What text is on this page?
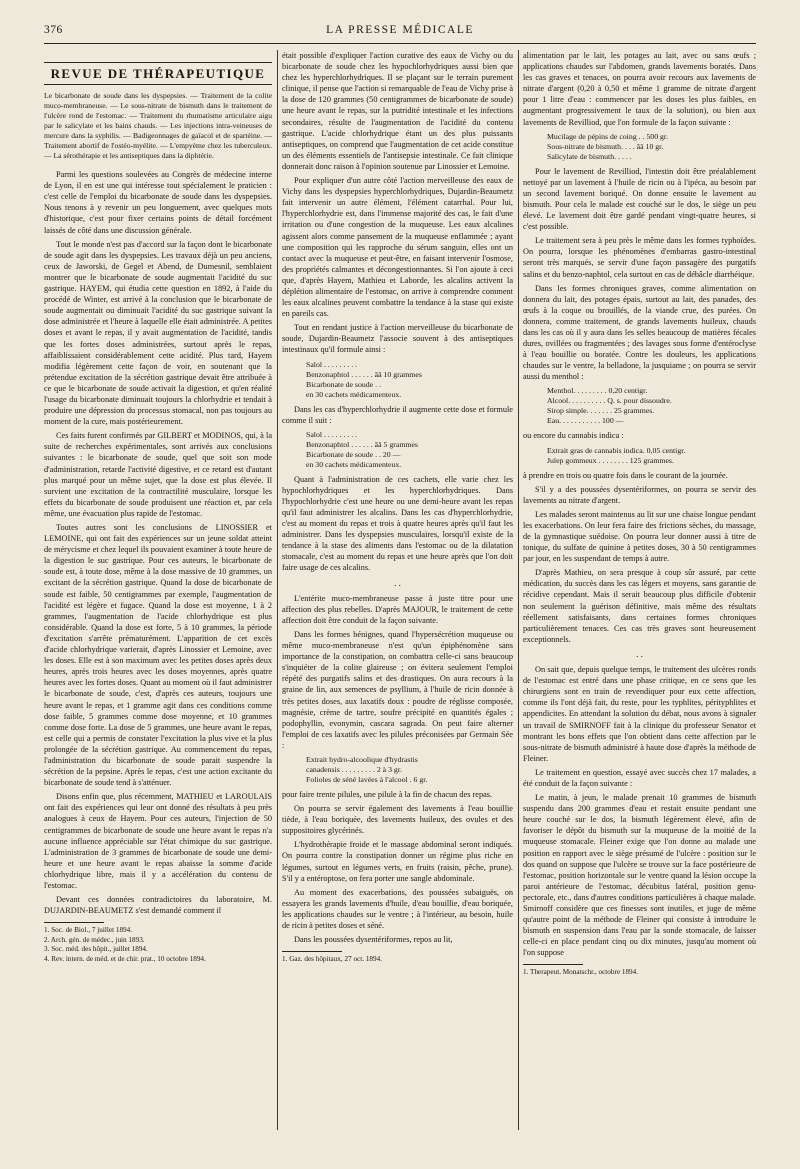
376	LA PRESSE MÉDICALE
REVUE DE THÉRAPEUTIQUE

Le bicarbonate de soude dans les dyspepsies. — Traitement de la colite muco-membraneuse. — Le sous-nitrate de bismuth dans le traitement de l'ulcère rond de l'estomac. — Traitement du rhumatisme articulaire aigu par le salicylate et les bains chauds. — Les injections intra-veineuses de mercure dans la syphilis. — Badigeonnages de gaïacol et de spartéine. — Traitement abortif de l'ostéo-myélite. — L'empyème chez les tuberculeux. — La sérothérapie et les antiseptiques dans la diphtérie.

Parmi les questions soulevées au Congrès de médecine interne de Lyon, il en est une qui intéresse tout spécialement le praticien : c'est celle de l'emploi du bicarbonate de soude dans les dyspepsies. Nous tenons à y revenir un peu longuement, avec quelques mots d'historique, c'est pour fixer certains points de détail forcément laissés de côté dans une discussion générale.

Tout le monde n'est pas d'accord sur la façon dont le bicarbonate de soude agit dans les dyspepsies. Les travaux déjà un peu anciens, ceux de Jaworski, de Gegel et Abend, de Dumesnil, semblaient montrer que le bicarbonate de soude augmentait l'acidité du suc gastrique. HAYEM, qui étudia cette question en 1892, à l'aide du procédé de Winter, est arrivé à la conclusion que le bicarbonate de soude augmentait ou diminuait l'acidité du suc gastrique suivant la dose administrée et l'heure à laquelle elle était administrée. A petites doses et avant le repas, il y avait augmentation de l'acidité, tandis que les fortes doses administrées, surtout après le repas, affaiblissaient considérablement cette acidité. Plus tard, Hayem modifia légèrement cette façon de voir, en soutenant que la prétendue excitation de la sécrétion gastrique devait être attribuée à ce que le bicarbonate de soude activait la digestion, et qu'en réalité l'usage du bicarbonate diminuait toujours la chlorhydrie et tendait à produire une dépression du processus stomacal, non pas toujours au moment de la cure, mais postérieurement.

Ces faits furent confirmés par GILBERT et MODINOS, qui, à la suite de recherches expérimentales, sont arrivés aux conclusions suivantes : le bicarbonate de soude, quel que soit son mode d'administration, retarde l'activité digestive, et ce retard est d'autant plus marqué pour un même sujet, que la dose est plus élevée. Il survient une excitation de la contractilité musculaire, lorsque les effets du bicarbonate de soude produisent une réaction et, par cela même, une évacuation plus rapide de l'estomac.

Toutes autres sont les conclusions de LINOSSIER et LEMOINE, qui ont fait des expériences sur un jeune soldat atteint de mérycisme et chez lequel ils pouvaient examiner à toute heure de la digestion le suc gastrique. Pour ces auteurs, le bicarbonate de soude est, à toute dose, même à la dose massive de 10 grammes, un excitant de la sécrétion gastrique. Quand la dose de bicarbonate de soude est faible, 50 centigrammes par exemple, l'augmentation de l'acidité est légère et fugace. Quand la dose est moyenne, 1 à 2 grammes, l'augmentation de l'acide chlorhydrique est plus considérable. Quand la dose est forte, 5 à 10 grammes, la période d'excitation s'arrête prématurément. L'apparition de cet excès d'acide chlorhydrique varierait, d'après Linossier et Lemoine, avec les doses. Elle est à son maximum avec les petites doses après deux heures, après trois heures avec les doses moyennes, après quatre heures avec les fortes doses. Quant au moment où il faut administrer le bicarbonate de soude, c'est, d'après ces auteurs, toujours une heure avant le repas, et 1 gramme agit dans ces conditions comme dose faible, 5 grammes comme dose moyenne, et 10 grammes comme dose forte. La dose de 5 grammes, une heure avant le repas, est celle qui a permis de constater l'excitation la plus vive et la plus prolongée de la sécrétion gastrique. Au commencement du repas, l'administration du bicarbonate de soude parait suspendre la sécrétion de la pepsine. Après le repas, c'est une action excitante du bicarbonate de soude tend à s'atténuer.

Disons enfin que, plus récemment, MATHIEU et LAROULAIS ont fait des expériences qui leur ont donné des résultats à peu près analogues à ceux de Hayem. Pour ces auteurs, l'injection de 50 centigrammes de bicarbonate de soude une heure avant le repas n'a aucune influence appréciable sur l'état chimique du suc gastrique. L'administration de 3 grammes de bicarbonate de soude une demi-heure et une heure avant le repas abaisse la somme d'acide chlorhydrique libre, mais il y a accélération du contenu de l'estomac.

Devant ces données contradictoires du laboratoire, M. DUJARDIN-BEAUMETZ s'est demandé comment il

1. Soc. de Biol., 7 juillet 1894.

2. Arch. gén. de médec., juin 1893.

3. Soc. méd. des hôpit., juillet 1894.

4. Rev. intern. de méd. et de chir. prat., 10 octobre 1894.

était possible d'expliquer l'action curative des eaux de Vichy ou du bicarbonate de soude chez les hypochlorhydriques aussi bien que chez les hyperchlorhydriques. Il se plaçant sur le terrain purement clinique, il pense que l'action si remarquable de l'eau de Vichy prise à la dose de 120 grammes (50 centigrammes de bicarbonate de soude) une heure avant le repas, sur la putridité intestinale et les infections secondaires, résulte de l'augmentation de l'acidité du contenu gastrique. L'acide chlorhydrique étant un des plus puissants antiseptiques, on comprend que l'augmentation de cet acide constitue un des éléments essentiels de l'antisepsie intestinale. Ce fait clinique donnerait donc raison à l'opinion soutenue par Linossier et Lemoine.

Pour expliquer d'un autre côté l'action merveilleuse des eaux de Vichy dans les dyspepsies hyperchlorhydriques, Dujardin-Beaumetz fait intervenir un autre élément, l'élément catarrhal. Pour lui, l'hyperchlorhydrie est, dans l'immense majorité des cas, le fait d'une irritation ou d'une congestion de la muqueuse. Les eaux alcalines agissent alors comme pansement de la muqueuse enflammée ; ayant une composition qui les rapproche du sérum sanguin, elles ont un contact avec la muqueuse et peut-être, en faisant intervenir l'osmose, des propriétés calmantes et décongestionnantes. Si l'on ajoute à ceci que, d'après Hayem, Mathieu et Laborde, les alcalins activent la déplétion alimentaire de l'estomac, on arrive à comprendre comment les eaux alcalines peuvent combattre la tendance à la stase qui existe en pareils cas.

Tout en rendant justice à l'action merveilleuse du bicarbonate de soude, Dujardin-Beaumetz l'associe souvent à des antiseptiques intestinaux qu'il formule ainsi :

Salol . . . . . . . . .
Benzonaphtol . . . . . . ââ 10 grammes
Bicarbonate de soude . .
en 30 cachets médicamenteux.

Dans les cas d'hyperchlorhydrie il augmente cette dose et formule comme il suit :

Salol . . . . . . . . .
Benzonaphtol . . . . . . ââ 5 grammes
Bicarbonate de soude . . 20 —
en 30 cachets médicamenteux.

Quant à l'administration de ces cachets, elle varie chez les hypochlorhydriques et les hyperchlorhydriques. Dans l'hypochlorhydrie c'est une heure ou une demi-heure avant les repas qu'il faut administrer les alcalins. Dans les cas d'hyperchlorhydrie, c'est au moment du repas et trois à quatre heures après qu'il faut les administrer. Dans les dyspepsies musculaires, lorsqu'il existe de la tendance à la stase des aliments dans l'estomac ou de la dilatation stomacale, c'est au moment du repas et une heure après que l'on doit faire usage de ces alcalins.

. .

L'entérite muco-membraneuse passe à juste titre pour une affection des plus rebelles. D'après MAJOUR, le traitement de cette affection doit être conduit de la façon suivante.

Dans les formes bénignes, quand l'hypersécrétion muqueuse ou même muco-membraneuse n'est qu'un épiphénomène sans importance de la constipation, on combattra celle-ci sans beaucoup s'inquiéter de la colite glaireuse ; on évitera seulement l'emploi répété des purgatifs salins et des drastiques. On aura recours à la graine de lin, aux semences de psyllium, à l'huile de ricin donnée à très petites doses, aux laxatifs doux : poudre de réglisse composée, magnésie, crème de tartre, soufre précipité en quantités égales ; podophyllin, evonymin, cascara sagrada. On peut faire alterner l'emploi de ces laxatifs avec les pilules préconisées par Germain Sée :

Extrait hydro-alcoolique d'hydrastis
canadensis . . . . . . . . . 2 à 3 gr.
Folioles de séné lavées à l'alcool . 6 gr.

pour faire trente pilules, une pilule à la fin de chacun des repas.

On pourra se servir également des lavements à l'eau bouillie tiède, à l'eau boriquée, des lavements huileux, des ovules et des suppositoires glycérinés.

L'hydrothérapie froide et le massage abdominal seront indiqués. On pourra contre la constipation donner un régime plus riche en légumes, surtout en légumes verts, en fruits (raisin, pêche, prune). S'il y a entéroptose, on fera porter une sangle abdominale.

Au moment des exacerbations, des poussées subaiguës, on essayera les grands lavements d'huile, d'eau bouillie, d'eau boriquée, les applications chaudes sur le ventre ; à l'intérieur, au besoin, huile de ricin à petites doses et séné.

Dans les poussées dysentériformes, repos au lit,

1. Gaz. des hôpitaux, 27 oct. 1894.

alimentation par le lait, les potages au lait, avec ou sans œufs ; applications chaudes sur l'abdomen, grands lavements boratés. Dans les cas graves et tenaces, on pourra avoir recours aux lavements de nitrate d'argent (0,20 à 0,50 et même 1 gramme de nitrate d'argent pour 1 litre d'eau : commencer par les doses les plus faibles, en augmentant progressivement le taux de la solution), ou bien aux lavements de Revilliod, que l'on formule de la façon suivante :

Mucilage de pépins de coing . . 500 gr.
Sous-nitrate de bismuth. . . . ââ 10 gr.
Salicylate de bismuth. . . . .

Pour le lavement de Revilliod, l'intestin doit être préalablement nettoyé par un lavement à l'huile de ricin ou à l'ipéca, au besoin par un second lavement boriqué. On donne ensuite le lavement au bismuth. Pour cela le malade est couché sur le dos, le siège un peu élevé. Le lavement doit être gardé pendant vingt-quatre heures, si c'est possible.

Le traitement sera à peu près le même dans les formes typhoïdes. On pourra, lorsque les phénomènes d'embarras gastro-intestinal seront très marqués, se servir d'une façon passagère des purgatifs salins et du benzo-naphtol, cela surtout en cas de débâcle diarrhéique.

Dans les formes chroniques graves, comme alimentation on donnera du lait, des potages épais, surtout au lait, des panades, des œufs à la coque ou brouillés, de la viande crue, des purées. On donnera, comme traitement, de grands lavements huileux, chauds dans les cas où il y aura dans les selles beaucoup de matières fécales dures, ovillées ou fragmentées ; des lavages sous forme d'entéroclyse à l'eau bouillie ou boratée. Contre les douleurs, les applications chaudes sur le ventre, la belladone, la jusquiame ; on pourra se servir aussi du menthol :

Menthol. . . . . . . . . 0,20 centigr.
Alcool. . . . . . . . . . Q. s. pour dissoudre.
Sirop simple. . . . . . . 25 grammes.
Eau. . . . . . . . . . . 100 —

ou encore du cannabis indica :

Extrait gras de cannabis indica. 0,05 centigr.
Julep gommeux . . . . . . . . 125 grammes.

à prendre en trois ou quatre fois dans le courant de la journée.

S'il y a des poussées dysentériformes, on pourra se servir des lavements au nitrate d'argent.

Les malades seront maintenus au lit sur une chaise longue pendant les exacerbations. On leur fera faire des frictions sèches, du massage, de la gymnastique suédoise. On pourra leur donner aussi à titre de tonique, du sulfate de quinine à petites doses, 30 à 50 centigrammes par jour, en les suspendant de temps à autre.

D'après Mathieu, on sera presque à coup sûr assuré, par cette médication, du succès dans les cas légers et moyens, sans garantie de récidive cependant. Mais il serait beaucoup plus difficile d'obtenir non seulement la guérison définitive, mais même des résultats réellement satisfaisants, dans certaines formes chroniques particulièrement tenaces. Ces cas très graves sont heureusement exceptionnels.

. .

On sait que, depuis quelque temps, le traitement des ulcères ronds de l'estomac est entré dans une phase critique, en ce sens que les chirurgiens sont en train de revendiquer pour eux cette affection, comme ils l'ont déjà fait, du reste, pour les typhlites, pérityphlites et appendicites. En attendant la solution du débat, nous avons à signaler un travail de SMIRNOFF fait à la clinique du professeur Senator et montrant les bons effets que l'on obtient dans cette affection par le sous-nitrate de bismuth administré à haute dose d'après la méthode de Fleiner.

Le traitement en question, essayé avec succès chez 17 malades, a été conduit de la façon suivante :

Le matin, à jeun, le malade prenait 10 grammes de bismuth suspendu dans 200 grammes d'eau et restait ensuite pendant une heure couché sur le dos, la bismuth légèrement élevé, afin de favoriser le dépôt du bismuth sur la muqueuse de la moitié de la muqueuse stomacale. Fleiner exige que l'on donne au malade une position en rapport avec le siège présumé de l'ulcère : position sur le dos quand on suppose que l'ulcère se trouve sur la face postérieure de l'estomac, position horizontale sur le ventre quand la lésion occupe la paroi antérieure de l'estomac, décubitus latéral, position genu-pectorale, etc., dans d'autres conditions particulières à chaque malade. Smirnoff considère que ces finesses sont inutiles, et juge de même qu'autre point de la méthode de Fleiner qui consiste à introduire le bismuth en suspension dans l'eau par la sonde stomacale, de laisser celle-ci en place pendant cinq ou dix minutes, jusqu'au moment où l'on suppose

1. Therapeut. Monatschr., octobre 1894.
